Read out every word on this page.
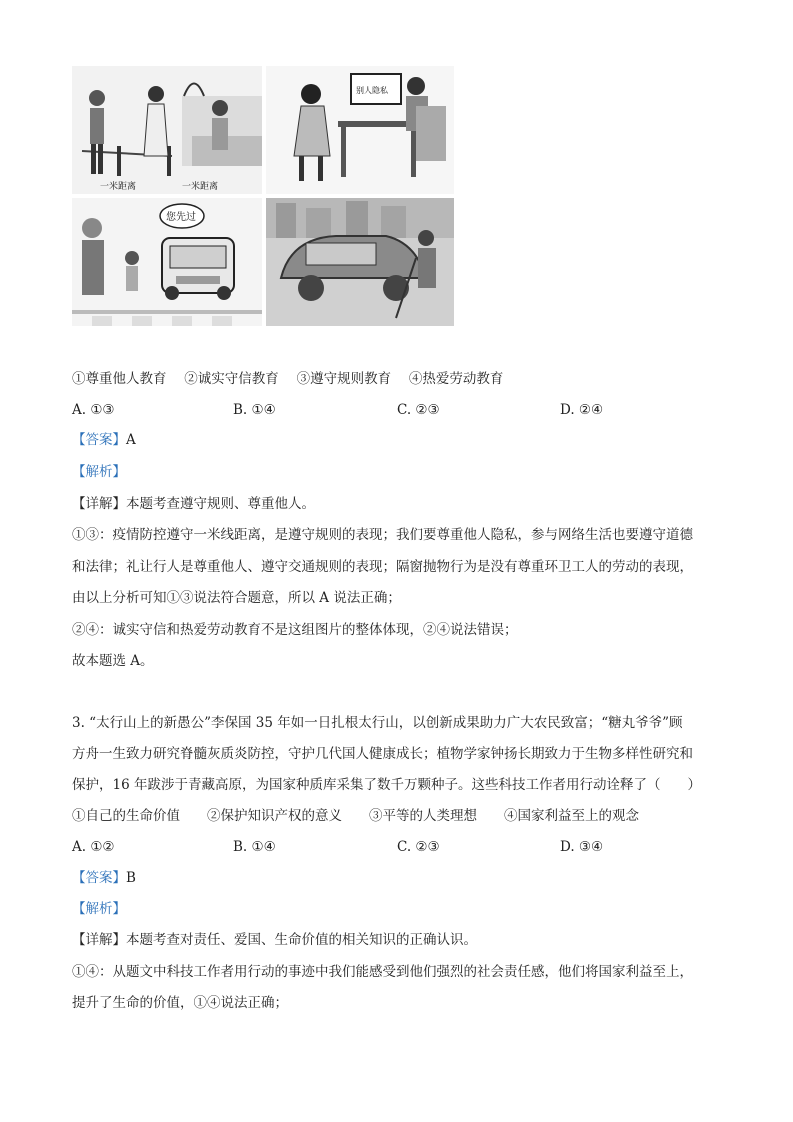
一米距离	一米距离
别人隐私
您先过
①尊重他人教育　 ②诚实守信教育　 ③遵守规则教育　 ④热爱劳动教育
A. ①③	B. ①④	C. ②③	D. ②④
【答案】A
【解析】
【详解】本题考查遵守规则、尊重他人。
①③：疫情防控遵守一米线距离，是遵守规则的表现；我们要尊重他人隐私，参与网络生活也要遵守道德
和法律；礼让行人是尊重他人、遵守交通规则的表现；隔窗抛物行为是没有尊重环卫工人的劳动的表现，
由以上分析可知①③说法符合题意，所以 A 说法正确；
②④：诚实守信和热爱劳动教育不是这组图片的整体体现，②④说法错误；
故本题选 A。
3. “太行山上的新愚公”李保国 35 年如一日扎根太行山，以创新成果助力广大农民致富；“糖丸爷爷”顾
方舟一生致力研究脊髓灰质炎防控，守护几代国人健康成长；植物学家钟扬长期致力于生物多样性研究和
保护，16 年跋涉于青藏高原，为国家种质库采集了数千万颗种子。这些科技工作者用行动诠释了（　　）
①自己的生命价值　　②保护知识产权的意义　　③平等的人类理想　　④国家利益至上的观念
A. ①②	B. ①④	C. ②③	D. ③④
【答案】B
【解析】
【详解】本题考查对责任、爱国、生命价值的相关知识的正确认识。
①④：从题文中科技工作者用行动的事迹中我们能感受到他们强烈的社会责任感，他们将国家利益至上，
提升了生命的价值，①④说法正确；
